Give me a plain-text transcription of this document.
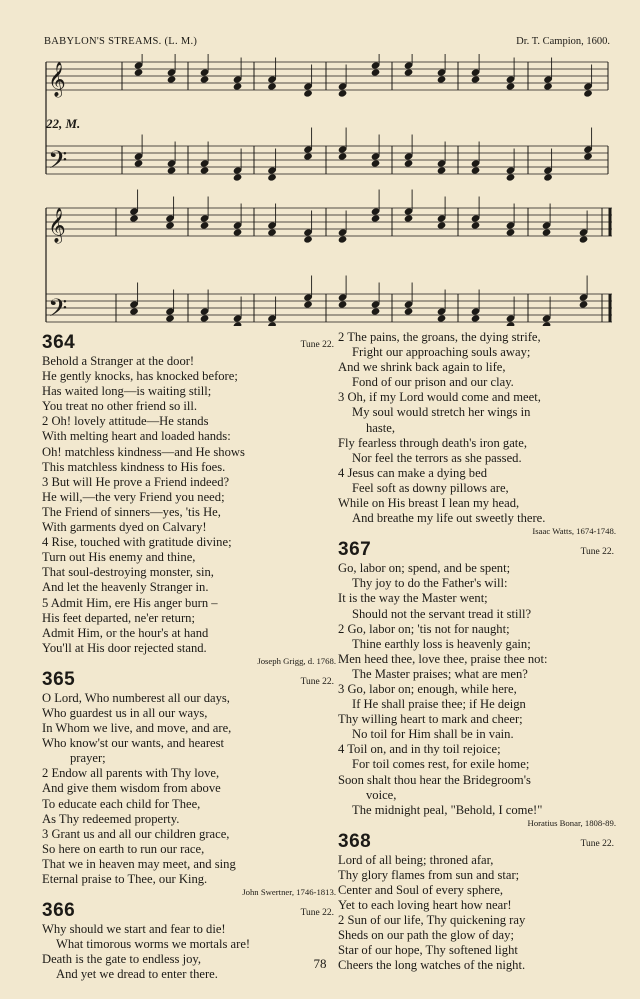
BABYLON'S STREAMS. (L. M.)	Dr. T. Campion, 1600.
22, M.
𝄞
𝄢
𝄞
𝄢
364	Tune 22.
Behold a Stranger at the door!
He gently knocks, has knocked before;
Has waited long—is waiting still;
You treat no other friend so ill.
2 Oh! lovely attitude—He stands
With melting heart and loaded hands:
Oh! matchless kindness—and He shows
This matchless kindness to His foes.
3 But will He prove a Friend indeed?
He will,—the very Friend you need;
The Friend of sinners—yes, 'tis He,
With garments dyed on Calvary!
4 Rise, touched with gratitude divine;
Turn out His enemy and thine,
That soul-destroying monster, sin,
And let the heavenly Stranger in.
5 Admit Him, ere His anger burn –
His feet departed, ne'er return;
Admit Him, or the hour's at hand
You'll at His door rejected stand.
Joseph Grigg, d. 1768.
365	Tune 22.
O Lord, Who numberest all our days,
Who guardest us in all our ways,
In Whom we live, and move, and are,
Who know'st our wants, and hearest
prayer;
2 Endow all parents with Thy love,
And give them wisdom from above
To educate each child for Thee,
As Thy redeemed property.
3 Grant us and all our children grace,
So here on earth to run our race,
That we in heaven may meet, and sing
Eternal praise to Thee, our King.
John Swertner, 1746-1813.
366	Tune 22.
Why should we start and fear to die!
What timorous worms we mortals are!
Death is the gate to endless joy,
And yet we dread to enter there.
2 The pains, the groans, the dying strife,
Fright our approaching souls away;
And we shrink back again to life,
Fond of our prison and our clay.
3 Oh, if my Lord would come and meet,
My soul would stretch her wings in
haste,
Fly fearless through death's iron gate,
Nor feel the terrors as she passed.
4 Jesus can make a dying bed
Feel soft as downy pillows are,
While on His breast I lean my head,
And breathe my life out sweetly there.
Isaac Watts, 1674-1748.
367	Tune 22.
Go, labor on; spend, and be spent;
Thy joy to do the Father's will:
It is the way the Master went;
Should not the servant tread it still?
2 Go, labor on; 'tis not for naught;
Thine earthly loss is heavenly gain;
Men heed thee, love thee, praise thee not:
The Master praises; what are men?
3 Go, labor on; enough, while here,
If He shall praise thee; if He deign
Thy willing heart to mark and cheer;
No toil for Him shall be in vain.
4 Toil on, and in thy toil rejoice;
For toil comes rest, for exile home;
Soon shalt thou hear the Bridegroom's
voice,
The midnight peal, "Behold, I come!"
Horatius Bonar, 1808-89.
368	Tune 22.
Lord of all being; throned afar,
Thy glory flames from sun and star;
Center and Soul of every sphere,
Yet to each loving heart how near!
2 Sun of our life, Thy quickening ray
Sheds on our path the glow of day;
Star of our hope, Thy softened light
Cheers the long watches of the night.
78
